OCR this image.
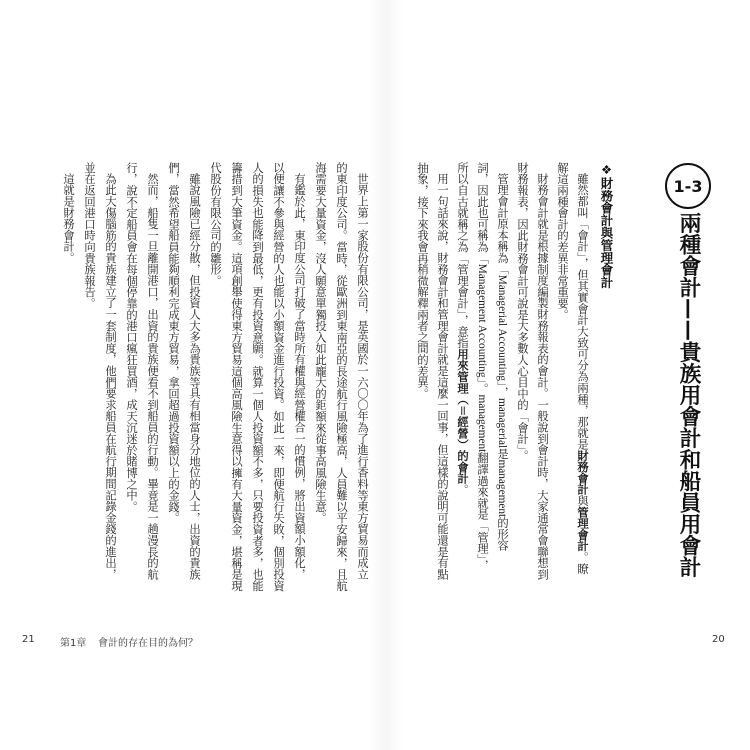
1-3
兩種會計——貴族用會計和船員用會計
❖財務會計與管理會計
雖然都叫「會計」，但其實會計大致可分為兩種，那就是財務會計與管理會計。瞭
解這兩種會計的差異非常重要。
財務會計就是根據制度編製財務報表的會計。一般說到會計時，大家通常會聯想到
財務報表，因此財務會計可說是大多數人心目中的「會計」。
管理會計原本稱為「Managerial Accounting」，managerial是management的形容
詞，因此也可稱為「Management Accounting」。management翻譯過來就是「管理」，
所以自古就稱之為「管理會計」，意指用來管理（＝經營）的會計。
用一句話來說，財務會計和管理會計就是這麼一回事，但這樣的說明可能還是有點
抽象，接下來我會再稍微解釋兩者之間的差異。
世界上第一家股份有限公司，是英國於一六〇〇年為了進行香料等東方貿易而成立
的東印度公司。當時，從歐洲到東南亞的長途航行風險極高，人員難以平安歸來，且航
海需要大量資金，沒人願意單獨投入如此龐大的鉅額來從事高風險生意。
有鑑於此，東印度公司打破了當時所有權與經營權合一的慣例，將出資額小額化，
以便讓不參與經營的人也能以小額資金進行投資。如此一來，即便航行失敗，個別投資
人的損失也能降到最低，更有投資意願。就算一個人投資額不多，只要投資者多，也能
籌措到大筆資金。這項創舉使得東方貿易這個高風險生意得以擁有大量資金，堪稱是現
代股份有限公司的雛形。
雖說風險已經分散，但投資人大多為貴族等具有相當身分地位的人士，出資的貴族
們，當然希望船員能夠順利完成東方貿易，拿回超過投資額以上的金錢。
然而，船隻一旦離開港口，出資的貴族便看不到船員的行動。畢竟是一趟漫長的航
行，說不定船員會在每個停靠的港口瘋狂買酒，成天沉迷於賭博之中。
為此大傷腦筋的貴族建立了一套制度，他們要求船員在航行期間記錄金錢的進出，
並在返回港口時向貴族報告。
這就是財務會計。
21	第1章 會計的存在目的為何？	20
